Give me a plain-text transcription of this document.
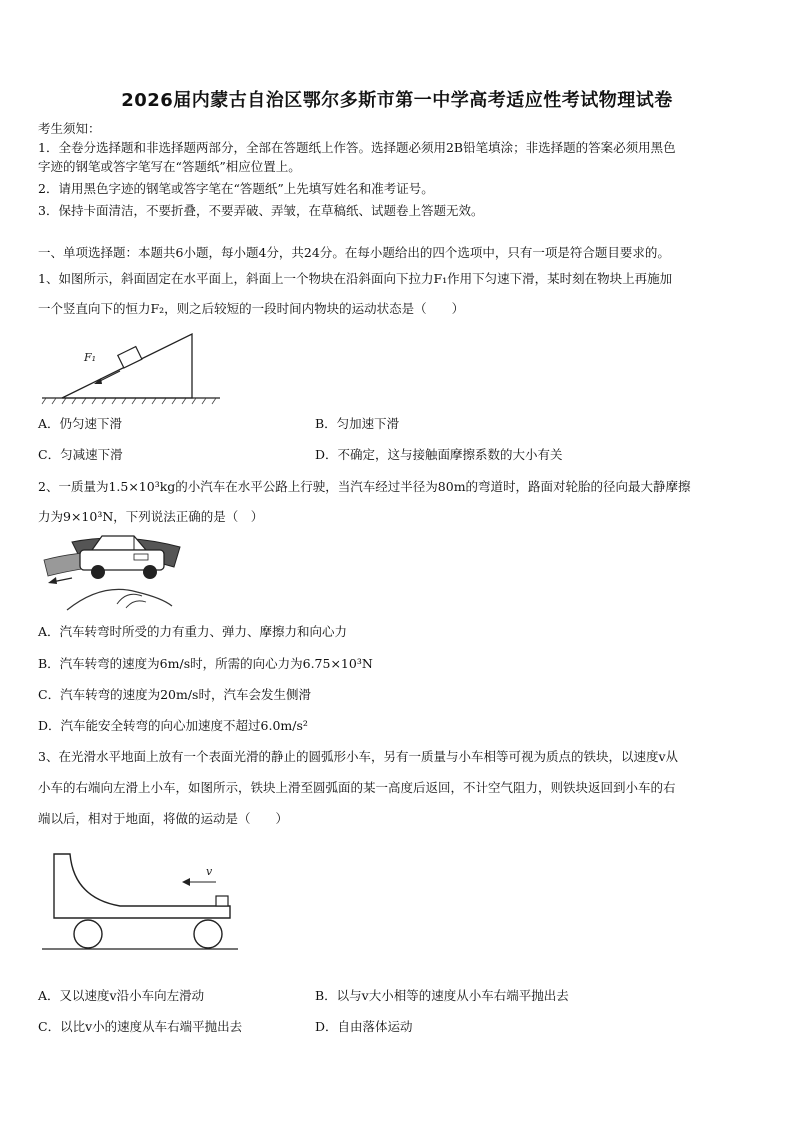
2026届内蒙古自治区鄂尔多斯市第一中学高考适应性考试物理试卷
考生须知：
1．全卷分选择题和非选择题两部分，全部在答题纸上作答。选择题必须用2B铅笔填涂；非选择题的答案必须用黑色
字迹的钢笔或答字笔写在“答题纸”相应位置上。
2．请用黑色字迹的钢笔或答字笔在“答题纸”上先填写姓名和准考证号。
3．保持卡面清洁，不要折叠，不要弄破、弄皱，在草稿纸、试题卷上答题无效。
一、单项选择题：本题共6小题，每小题4分，共24分。在每小题给出的四个选项中，只有一项是符合题目要求的。
1、如图所示，斜面固定在水平面上，斜面上一个物块在沿斜面向下拉力F₁作用下匀速下滑，某时刻在物块上再施加
一个竖直向下的恒力F₂，则之后较短的一段时间内物块的运动状态是（　　）
F₁
A．仍匀速下滑	B．匀加速下滑
C．匀减速下滑	D．不确定，这与接触面摩擦系数的大小有关
2、一质量为1.5×10³kg的小汽车在水平公路上行驶，当汽车经过半径为80m的弯道时，路面对轮胎的径向最大静摩擦
力为9×10³N，下列说法正确的是（　）
A．汽车转弯时所受的力有重力、弹力、摩擦力和向心力
B．汽车转弯的速度为6m/s时，所需的向心力为6.75×10³N
C．汽车转弯的速度为20m/s时，汽车会发生侧滑
D．汽车能安全转弯的向心加速度不超过6.0m/s²
3、在光滑水平地面上放有一个表面光滑的静止的圆弧形小车，另有一质量与小车相等可视为质点的铁块，以速度v从
小车的右端向左滑上小车，如图所示，铁块上滑至圆弧面的某一高度后返回，不计空气阻力，则铁块返回到小车的右
端以后，相对于地面，将做的运动是（　　）
v
A．又以速度v沿小车向左滑动	B．以与v大小相等的速度从小车右端平抛出去
C．以比v小的速度从车右端平抛出去	D．自由落体运动
